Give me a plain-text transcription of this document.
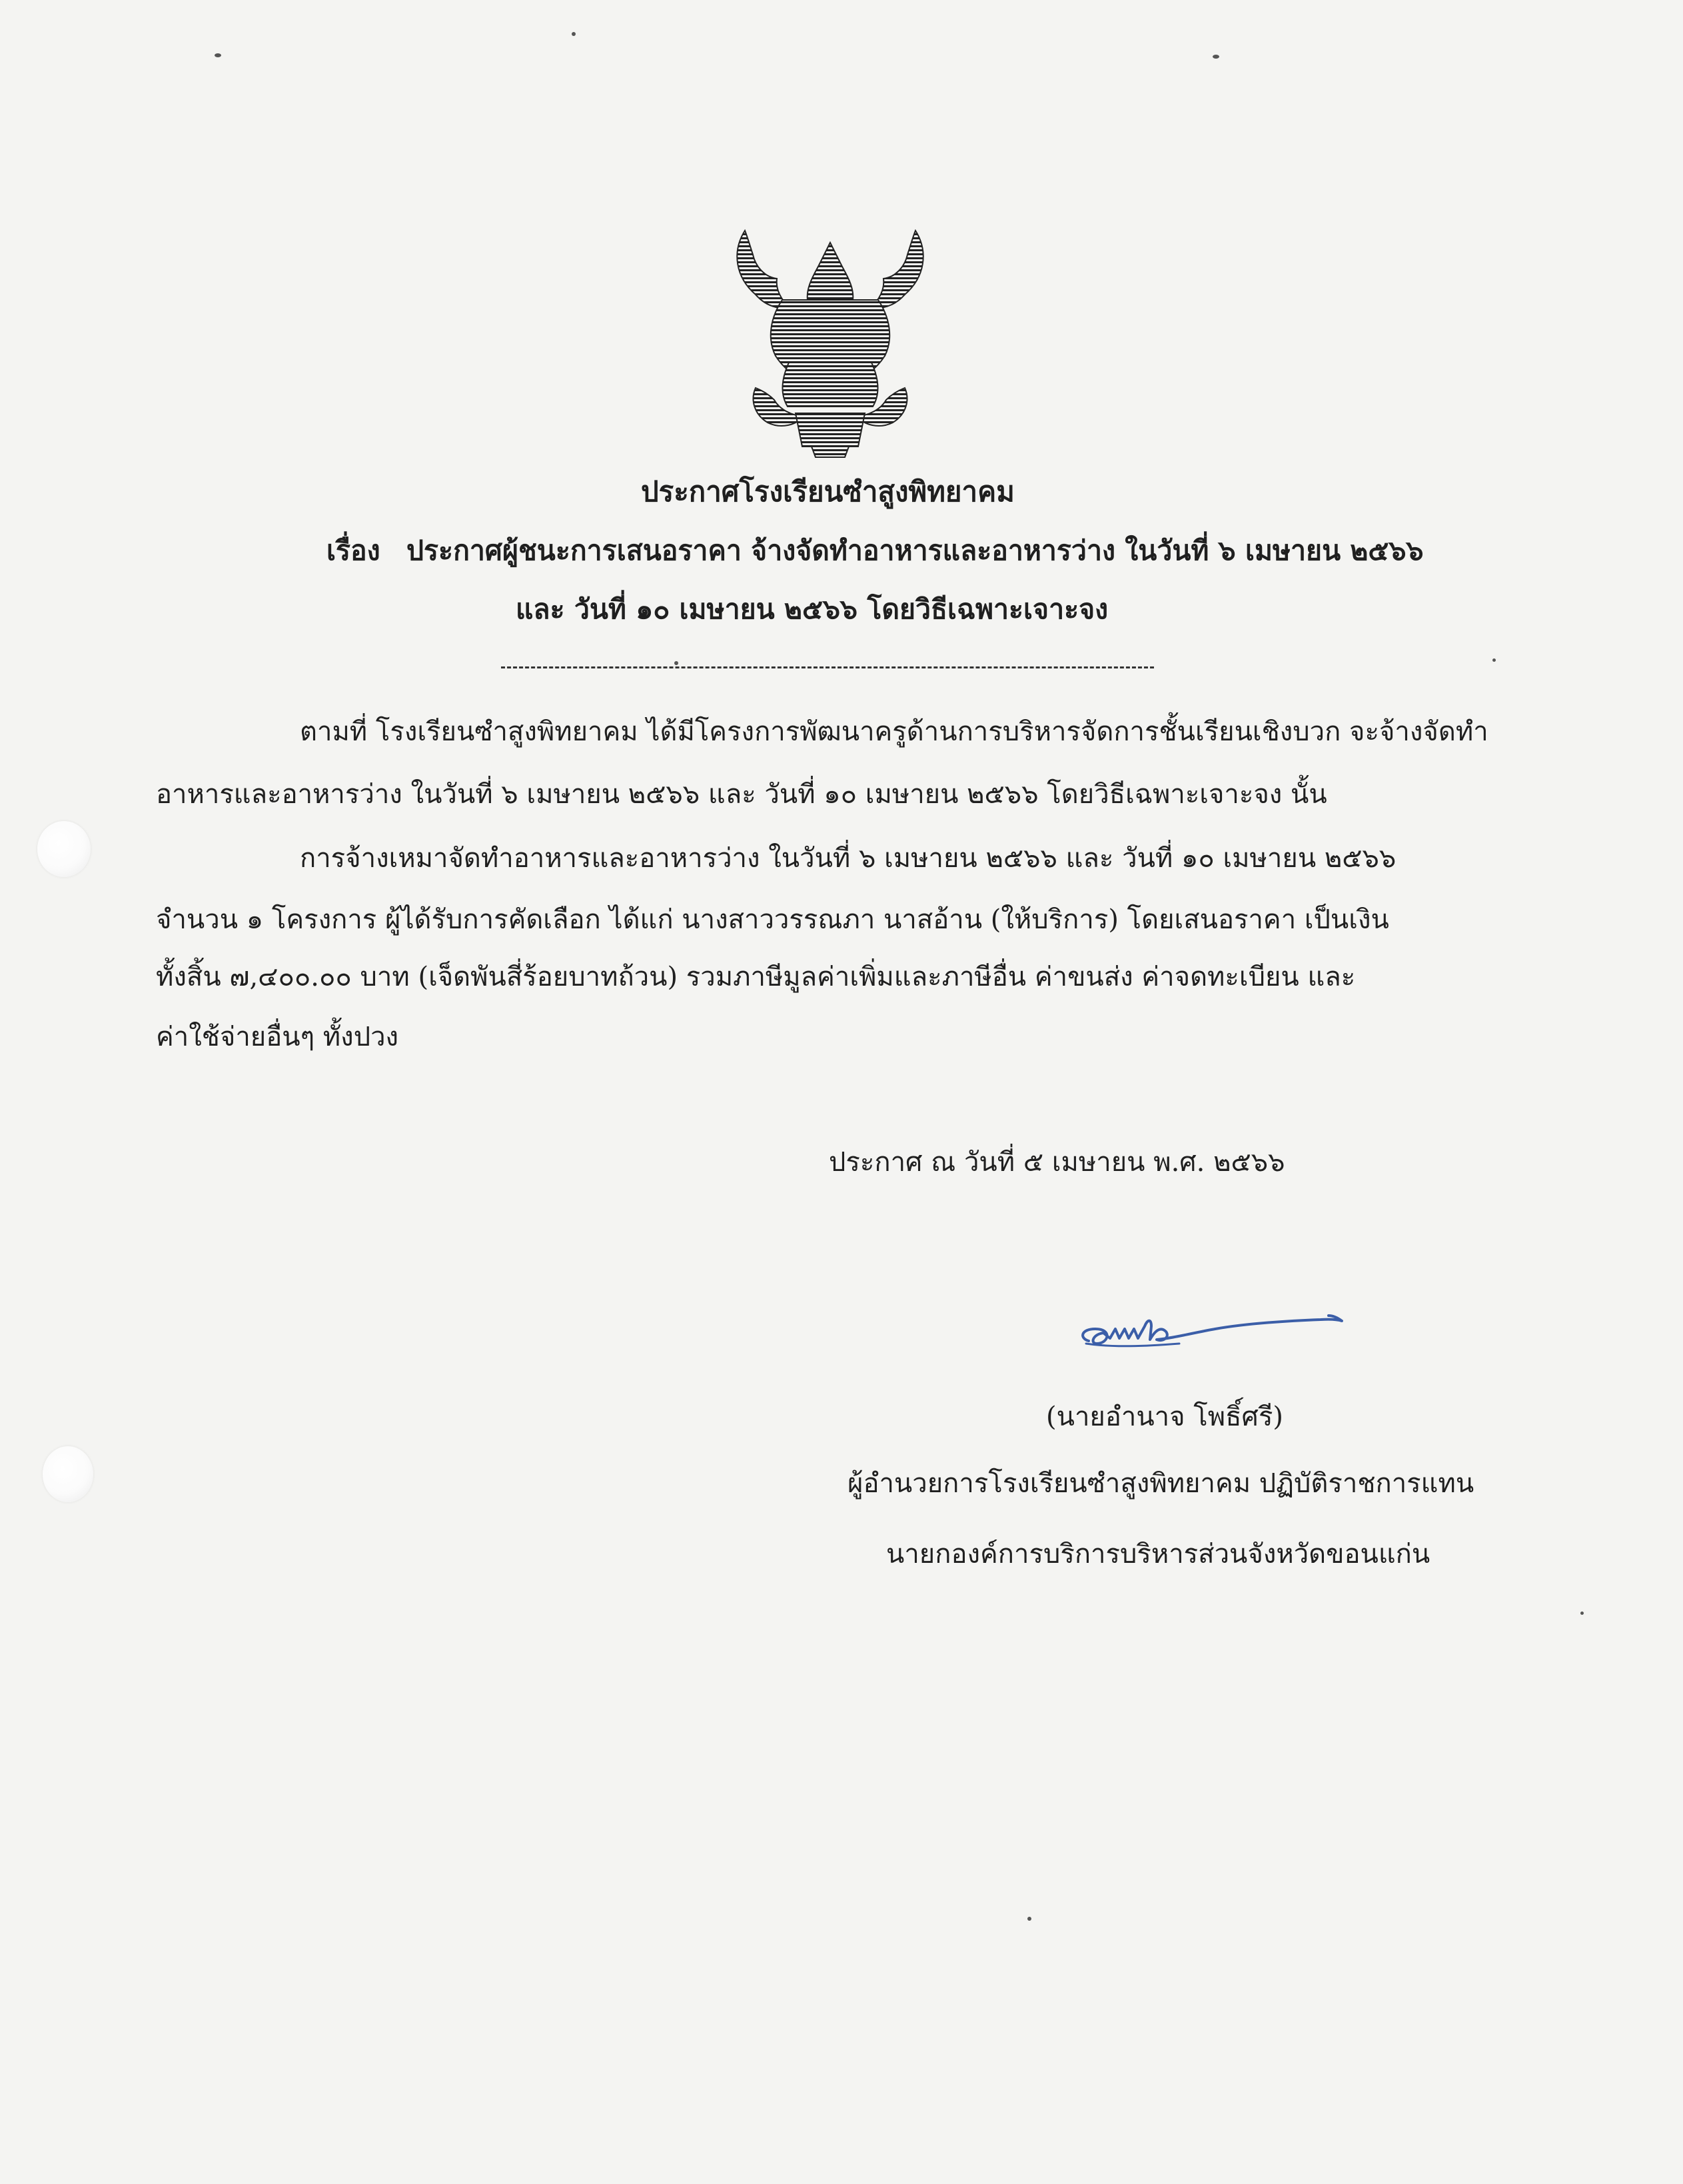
ประกาศโรงเรียนซำสูงพิทยาคม
เรื่อง ประกาศผู้ชนะการเสนอราคา จ้างจัดทำอาหารและอาหารว่าง ในวันที่ ๖ เมษายน ๒๕๖๖
และ วันที่ ๑๐ เมษายน ๒๕๖๖ โดยวิธีเฉพาะเจาะจง
ตามที่ โรงเรียนซำสูงพิทยาคม ได้มีโครงการพัฒนาครูด้านการบริหารจัดการชั้นเรียนเชิงบวก จะจ้างจัดทำ
อาหารและอาหารว่าง ในวันที่ ๖ เมษายน ๒๕๖๖ และ วันที่ ๑๐ เมษายน ๒๕๖๖ โดยวิธีเฉพาะเจาะจง นั้น
การจ้างเหมาจัดทำอาหารและอาหารว่าง ในวันที่ ๖ เมษายน ๒๕๖๖ และ วันที่ ๑๐ เมษายน ๒๕๖๖
จำนวน ๑ โครงการ ผู้ได้รับการคัดเลือก ได้แก่ นางสาววรรณภา นาสอ้าน (ให้บริการ) โดยเสนอราคา เป็นเงิน
ทั้งสิ้น ๗,๔๐๐.๐๐ บาท (เจ็ดพันสี่ร้อยบาทถ้วน) รวมภาษีมูลค่าเพิ่มและภาษีอื่น ค่าขนส่ง ค่าจดทะเบียน และ
ค่าใช้จ่ายอื่นๆ ทั้งปวง
ประกาศ ณ วันที่ ๕ เมษายน พ.ศ. ๒๕๖๖
(นายอำนาจ โพธิ์ศรี)
ผู้อำนวยการโรงเรียนซำสูงพิทยาคม ปฏิบัติราชการแทน
นายกองค์การบริการบริหารส่วนจังหวัดขอนแก่น
